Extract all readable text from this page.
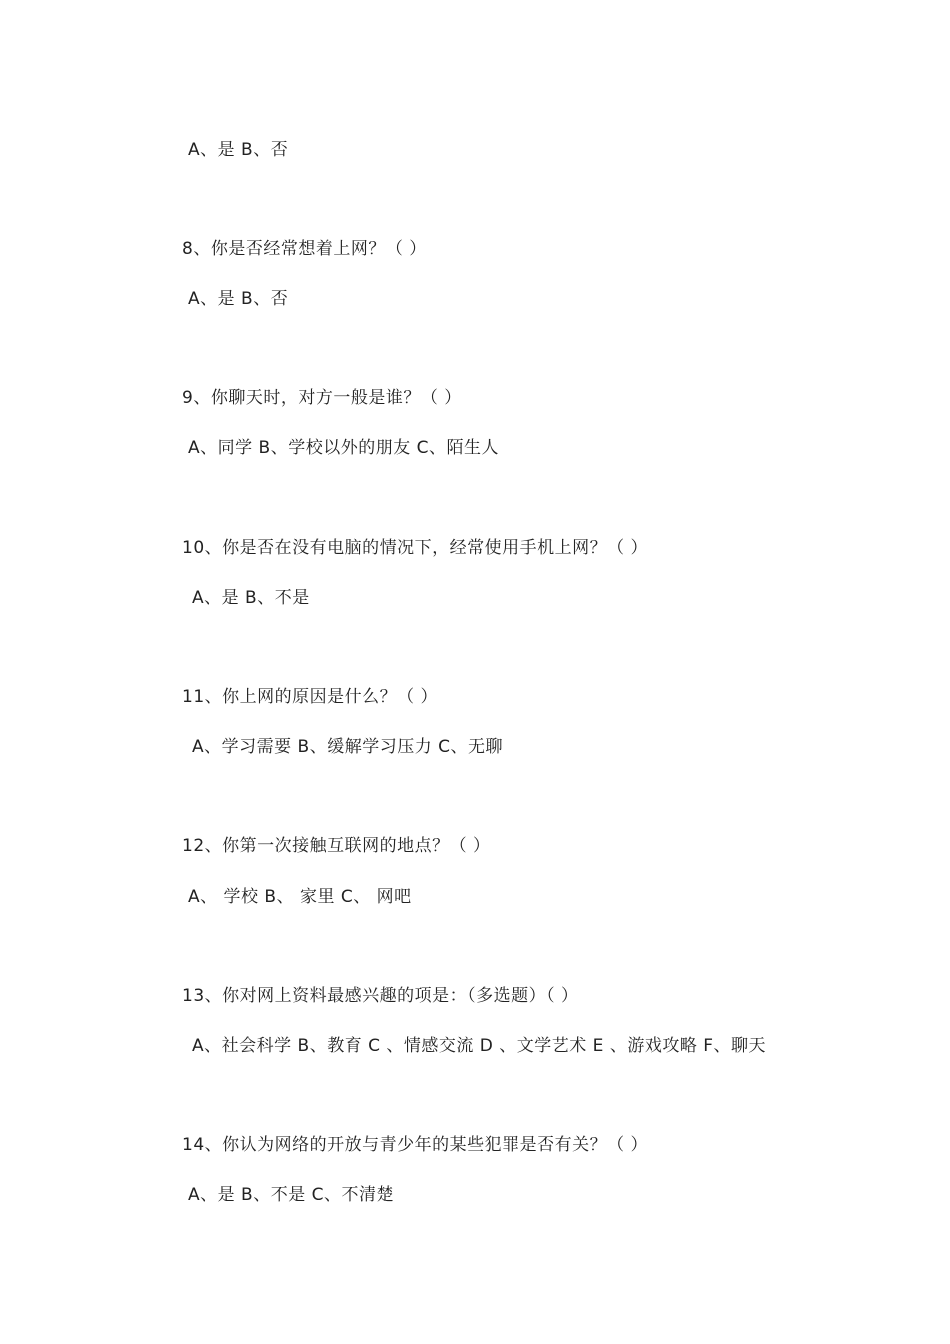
A、是 B、否
8、你是否经常想着上网？（ ）
A、是 B、否
9、你聊天时，对方一般是谁？（ ）
A、同学 B、学校以外的朋友 C、陌生人
10、你是否在没有电脑的情况下，经常使用手机上网？（ ）
A、是 B、不是
11、你上网的原因是什么？（ ）
A、学习需要 B、缓解学习压力 C、无聊
12、你第一次接触互联网的地点？（ ）
A、 学校 B、 家里 C、 网吧
13、你对网上资料最感兴趣的项是：（多选题）（ ）
A、社会科学 B、教育 C 、情感交流 D 、文学艺术 E 、游戏攻略 F、聊天
14、你认为网络的开放与青少年的某些犯罪是否有关？（ ）
A、是 B、不是 C、不清楚
